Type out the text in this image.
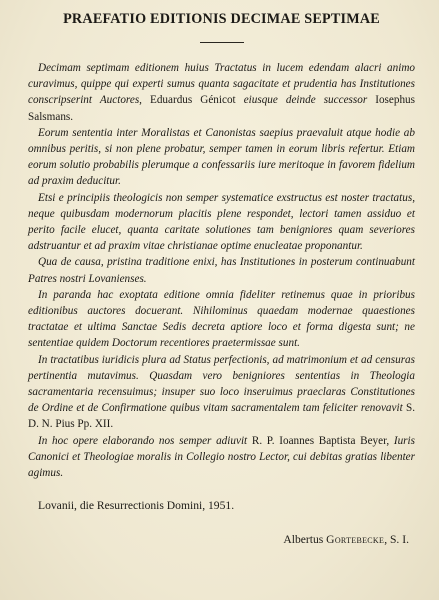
PRAEFATIO EDITIONIS DECIMAE SEPTIMAE

Decimam septimam editionem huius Tractatus in lucem edendam alacri animo curavimus, quippe qui experti sumus quanta sagacitate et prudentia has Institutiones conscripserint Auctores, Eduardus Génicot eiusque deinde successor Iosephus Salsmans.

Eorum sententia inter Moralistas et Canonistas saepius praevaluit atque hodie ab omnibus peritis, si non plene probatur, semper tamen in eorum libris refertur. Etiam eorum solutio probabilis plerumque a confessariis iure meritoque in favorem fidelium ad praxim deducitur.

Etsi e principiis theologicis non semper systematice exstructus est noster tractatus, neque quibusdam modernorum placitis plene respondet, lectori tamen assiduo et perito facile elucet, quanta caritate solutiones tam benigniores quam severiores adstruantur et ad praxim vitae christianae optime enucleatae proponantur.

Qua de causa, pristina traditione enixi, has Institutiones in posterum continuabunt Patres nostri Lovanienses.

In paranda hac exoptata editione omnia fideliter retinemus quae in prioribus editionibus auctores docuerant. Nihilominus quaedam modernae quaestiones tractatae et ultima Sanctae Sedis decreta aptiore loco et forma digesta sunt; ne sententiae quidem Doctorum recentiores praetermissae sunt.

In tractatibus iuridicis plura ad Status perfectionis, ad matrimonium et ad censuras pertinentia mutavimus. Quasdam vero benigniores sententias in Theologia sacramentaria recensuimus; insuper suo loco inseruimus praeclaras Constitutiones de Ordine et de Confirmatione quibus vitam sacramentalem tam feliciter renovavit S. D. N. Pius Pp. XII.

In hoc opere elaborando nos semper adiuvit R. P. Ioannes Baptista Beyer, Iuris Canonici et Theologiae moralis in Collegio nostro Lector, cui debitas gratias libenter agimus.

Lovanii, die Resurrectionis Domini, 1951.

Albertus Gortebecke, S. I.
